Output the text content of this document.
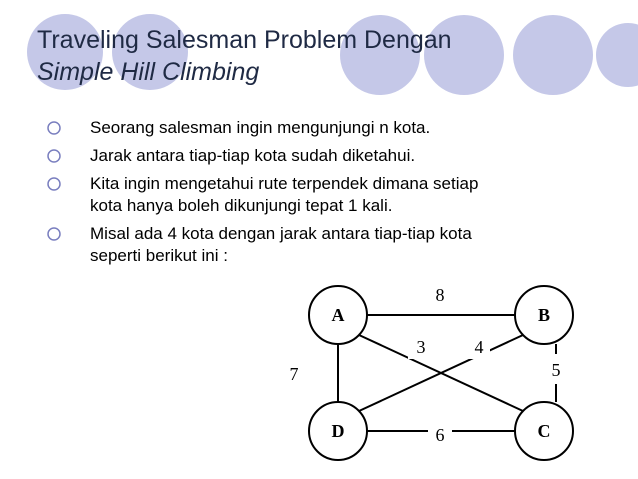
Traveling Salesman Problem Dengan
Simple Hill Climbing
Seorang salesman ingin mengunjungi n kota.
Jarak antara tiap-tiap kota sudah diketahui.
Kita ingin mengetahui rute terpendek dimana setiap
kota hanya boleh dikunjungi tepat 1 kali.
Misal ada 4 kota dengan jarak antara tiap-tiap kota
seperti berikut ini :
A	B
D	C
8
3	4
5
7
6
